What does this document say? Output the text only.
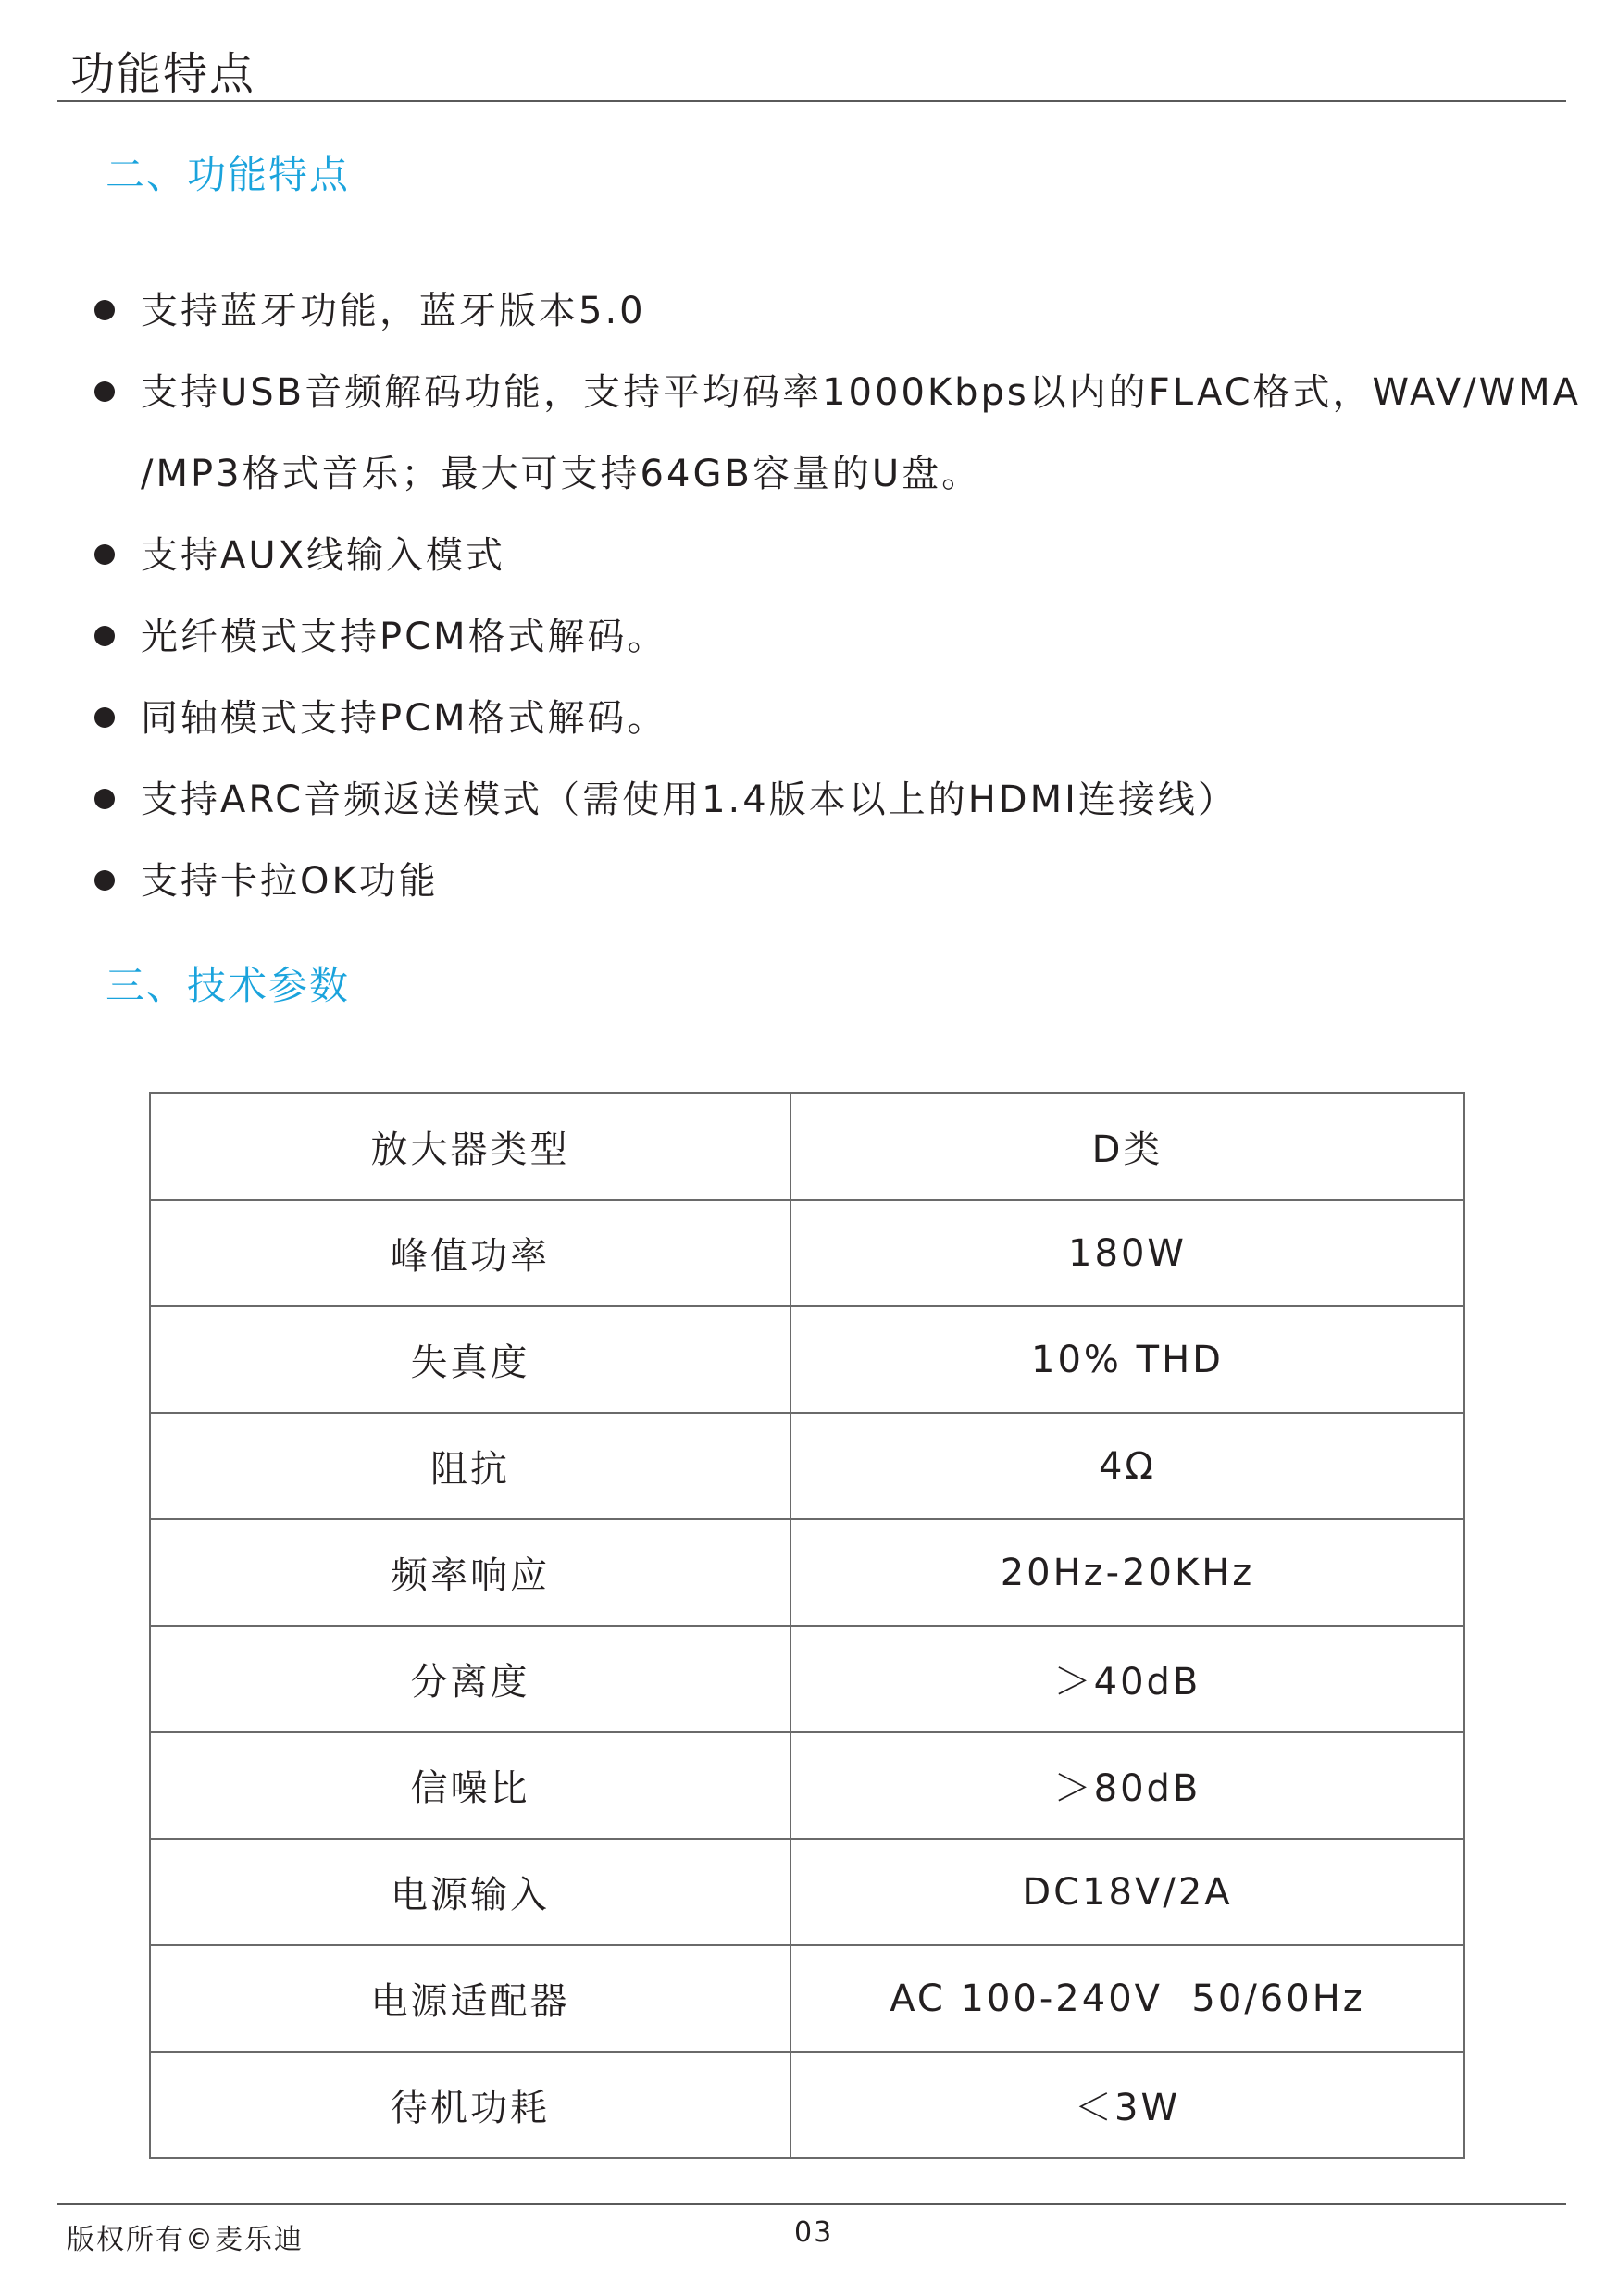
功能特点
二、功能特点
支持蓝牙功能，蓝牙版本5.0
支持USB音频解码功能，支持平均码率1000Kbps以内的FLAC格式，WAV/WMA
/MP3格式音乐；最大可支持64GB容量的U盘。
支持AUX线输入模式
光纤模式支持PCM格式解码。
同轴模式支持PCM格式解码。
支持ARC音频返送模式（需使用1.4版本以上的HDMI连接线）
支持卡拉OK功能
三、技术参数
放大器类型	D类
峰值功率	180W
失真度	10% THD
阻抗	4Ω
频率响应	20Hz-20KHz
分离度	＞40dB
信噪比	＞80dB
电源输入	DC18V/2A
电源适配器	AC 100-240V  50/60Hz
待机功耗	＜3W
版权所有©麦乐迪	03
